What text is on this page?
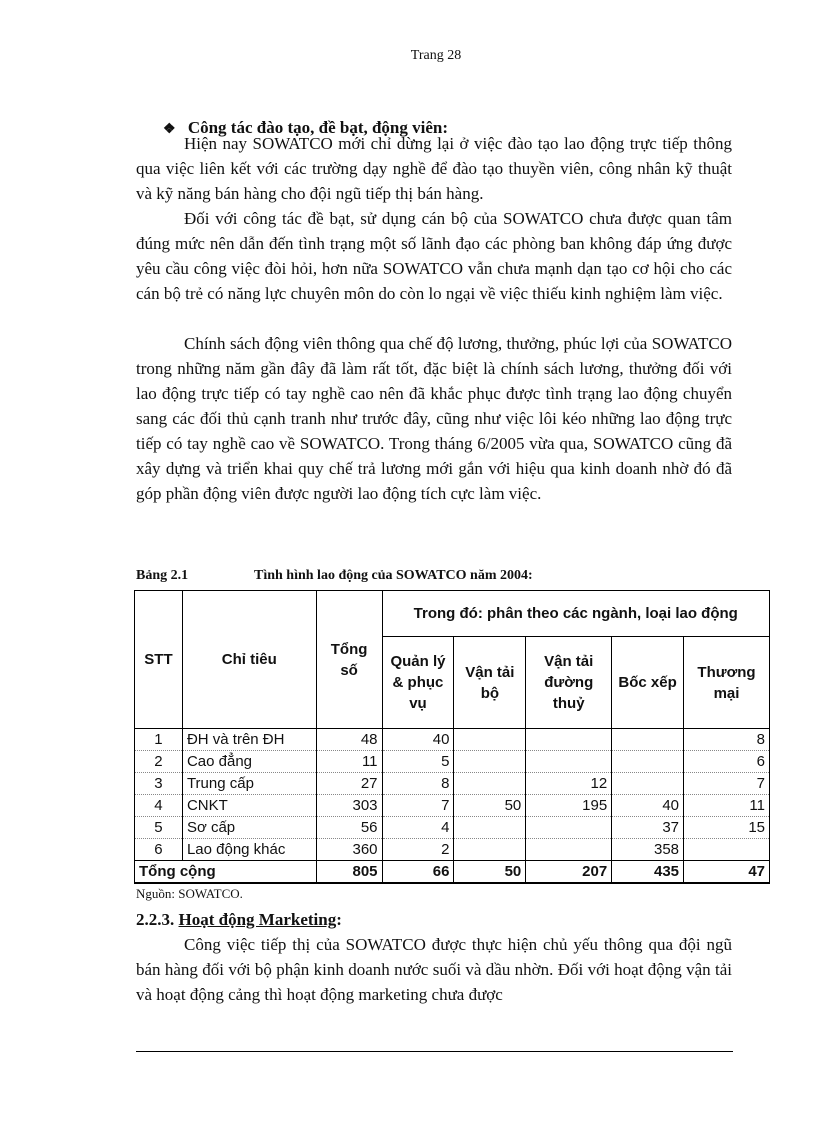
Trang 28
❖ Công tác đào tạo, đề bạt, động viên:

Hiện nay SOWATCO mới chỉ dừng lại ở việc đào tạo lao động trực tiếp thông qua việc liên kết với các trường dạy nghề để đào tạo thuyền viên, công nhân kỹ thuật và kỹ năng bán hàng cho đội ngũ tiếp thị bán hàng.

Đối với công tác đề bạt, sử dụng cán bộ của SOWATCO chưa được quan tâm đúng mức nên dẫn đến tình trạng một số lãnh đạo các phòng ban không đáp ứng được yêu cầu công việc đòi hỏi, hơn nữa SOWATCO vẫn chưa mạnh dạn tạo cơ hội cho các cán bộ trẻ có năng lực chuyên môn do còn lo ngại về việc thiếu kinh nghiệm làm việc.

Chính sách động viên thông qua chế độ lương, thưởng, phúc lợi của SOWATCO trong những năm gần đây đã làm rất tốt, đặc biệt là chính sách lương, thưởng đối với lao động trực tiếp có tay nghề cao nên đã khắc phục được tình trạng lao động chuyển sang các đối thủ cạnh tranh như trước đây, cũng như việc lôi kéo những lao động trực tiếp có tay nghề cao về SOWATCO. Trong tháng 6/2005 vừa qua, SOWATCO cũng đã xây dựng và triển khai quy chế trả lương mới gắn với hiệu qua kinh doanh nhờ đó đã góp phần động viên được người lao động tích cực làm việc.

Bảng 2.1	Tình hình lao động của SOWATCO năm 2004:
STT	Chỉ tiêu	Tổng số	Trong đó: phân theo các ngành, loại lao động				
			Quản lý & phục vụ	Vận tải bộ	Vận tải đường thuỷ	Bốc xếp	Thương mại
1	ĐH và trên ĐH	48	40				8
2	Cao đẳng	11	5				6
3	Trung cấp	27	8		12		7
4	CNKT	303	7	50	195	40	11
5	Sơ cấp	56	4			37	15
6	Lao động khác	360	2			358	
Tổng cộng		805	66	50	207	435	47
Nguồn: SOWATCO.
2.2.3. Hoạt động Marketing:

Công việc tiếp thị của SOWATCO được thực hiện chủ yếu thông qua đội ngũ bán hàng đối với bộ phận kinh doanh nước suối và dầu nhờn. Đối với hoạt động vận tải và hoạt động cảng thì hoạt động marketing chưa được
